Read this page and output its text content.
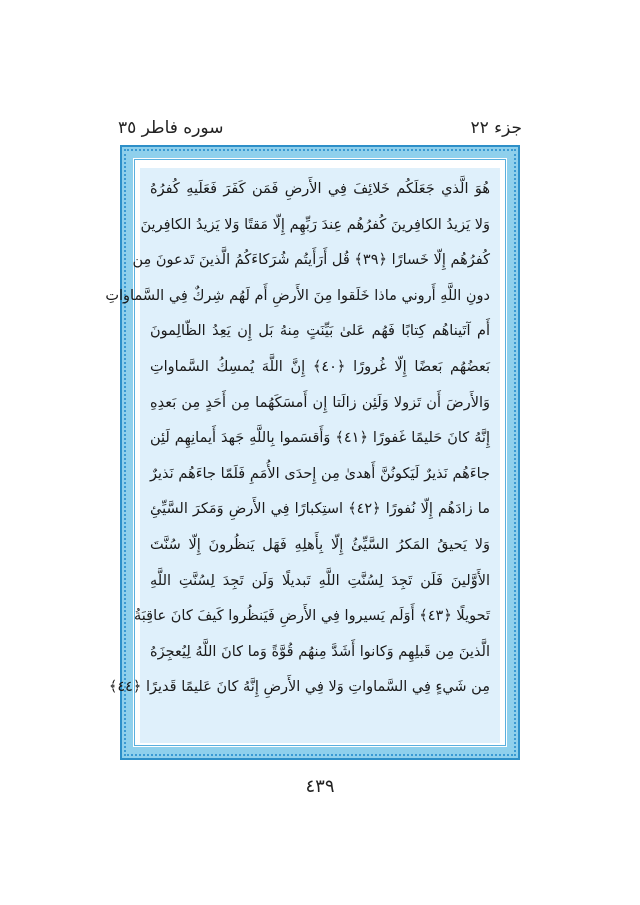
جزء ٢٢
سوره فاطر ٣٥
هُوَ الَّذي جَعَلَكُم خَلائِفَ فِي الأَرضِ فَمَن كَفَرَ فَعَلَيهِ كُفرُهُ
وَلا يَزيدُ الكافِرينَ كُفرُهُم عِندَ رَبِّهِم إِلّا مَقتًا وَلا يَزيدُ الكافِرينَ
كُفرُهُم إِلّا خَسارًا ﴿٣٩﴾ قُل أَرَأَيتُم شُرَكاءَكُمُ الَّذينَ تَدعونَ مِن
دونِ اللَّهِ أَروني ماذا خَلَقوا مِنَ الأَرضِ أَم لَهُم شِركٌ فِي السَّماواتِ
أَم آتَيناهُم كِتابًا فَهُم عَلىٰ بَيِّنَتٍ مِنهُ بَل إِن يَعِدُ الظّالِمونَ
بَعضُهُم بَعضًا إِلّا غُرورًا ﴿٤٠﴾ إِنَّ اللَّهَ يُمسِكُ السَّماواتِ
وَالأَرضَ أَن تَزولا وَلَئِن زالَتا إِن أَمسَكَهُما مِن أَحَدٍ مِن بَعدِهِ
إِنَّهُ كانَ حَليمًا غَفورًا ﴿٤١﴾ وَأَقسَموا بِاللَّهِ جَهدَ أَيمانِهِم لَئِن
جاءَهُم نَذيرٌ لَيَكونُنَّ أَهدىٰ مِن إِحدَى الأُمَمِ فَلَمّا جاءَهُم نَذيرٌ
ما زادَهُم إِلّا نُفورًا ﴿٤٢﴾ استِكبارًا فِي الأَرضِ وَمَكرَ السَّيِّئِ
وَلا يَحيقُ المَكرُ السَّيِّئُ إِلّا بِأَهلِهِ فَهَل يَنظُرونَ إِلّا سُنَّتَ
الأَوَّلينَ فَلَن تَجِدَ لِسُنَّتِ اللَّهِ تَبديلًا وَلَن تَجِدَ لِسُنَّتِ اللَّهِ
تَحويلًا ﴿٤٣﴾ أَوَلَم يَسيروا فِي الأَرضِ فَيَنظُروا كَيفَ كانَ عاقِبَةُ
الَّذينَ مِن قَبلِهِم وَكانوا أَشَدَّ مِنهُم قُوَّةً وَما كانَ اللَّهُ لِيُعجِزَهُ
مِن شَيءٍ فِي السَّماواتِ وَلا فِي الأَرضِ إِنَّهُ كانَ عَليمًا قَديرًا ﴿٤٤﴾
٤٣٩
